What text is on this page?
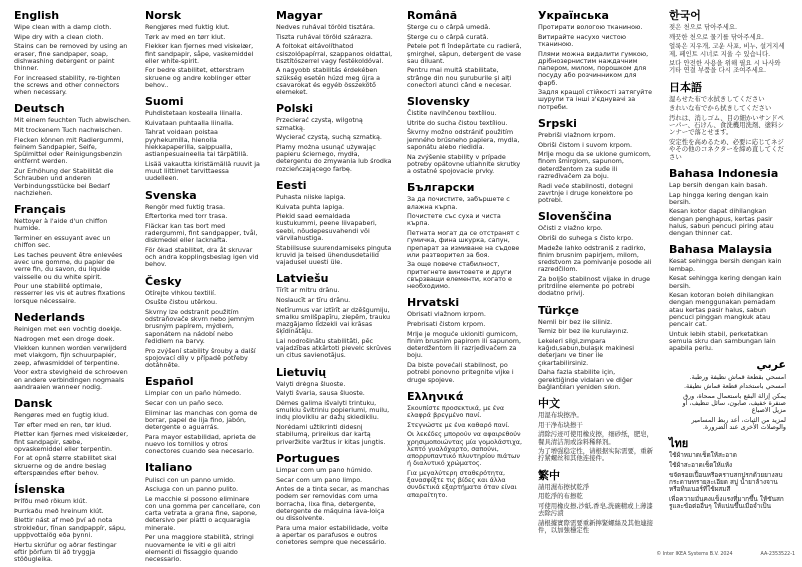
English

Wipe clean with a damp cloth.

Wipe dry with a clean cloth.

Stains can be removed by using an eraser, fine sandpaper, soap, dishwashing detergent or paint thinner.

For increased stability, re-tighten the screws and other connectors when necessary.

Deutsch

Mit einem feuchten Tuch abwischen.

Mit trockenem Tuch nachwischen.

Flecken können mit Radiergummi, feinem Sandpapier, Seife, Spülmittel oder Reinigungsbenzin entfernt werden.

Zur Erhöhung der Stabilität die Schrauben und anderen Verbindungsstücke bei Bedarf nachziehen.

Français

Nettoyer à l'aide d'un chiffon humide.

Terminer en essuyant avec un chiffon sec.

Les taches peuvent être enlevées avec une gomme, du papier de verre fin, du savon, du liquide vaisselle ou du white spirit.

Pour une stabilité optimale, resserrer les vis et autres fixations lorsque nécessaire.

Nederlands

Reinigen met een vochtig doekje.

Nadrogen met een droge doek.

Vlekken kunnen worden verwijderd met vlakgom, fijn schuurpapier, zeep, afwasmiddel of terpentine.

Voor extra stevigheid de schroeven en andere verbindingen nogmaals aandraaien wanneer nodig.

Dansk

Rengøres med en fugtig klud.

Tør efter med en ren, tør klud.

Pletter kan fjernes med viskelæder, fint sandpapir, sæbe, opvaskemiddel eller terpentin.

For at opnå større stabilitet skal skruerne og de andre beslag efterspændes efter behov.

Íslenska

Þrífðu með rökum klút.

Þurrkaðu með hreinum klút.

Blettir nást af með því að nota strokleður, fínan sandpappír, sápu, uppþvottalög eða þynni.

Hertu skrúfur og aðrar festingar eftir þörfum til að tryggja stöðugleika.

Norsk

Rengjøres med fuktig klut.

Tørk av med en tørr klut.

Flekker kan fjernes med viskelær, fint sandpapir, såpe, vaskemiddel eller white-spirit.

For bedre stabilitet, etterstram skruene og andre koblinger etter behov..

Suomi

Puhdistetaan kostealla liinalla.

Kuivataan puhtaalla liinalla.

Tahrat voidaan poistaa pyyhekumilla, hienolla hiekkapaperilla, saippualla, astianpesuaineella tai tärpätillä.

Lisää vakautta kiristämällä ruuvit ja muut liittimet tarvittaessa uudelleen.

Svenska

Rengör med fuktig trasa.

Eftertorka med torr trasa.

Fläckar kan tas bort med radergummi, fint sandpapper, tvål, diskmedel eller lacknafta.

För ökad stabilitet, dra åt skruvar och andra kopplingsbeslag igen vid behov.

Česky

Otírejte vlhkou textilií.

Osušte čistou utěrkou.

Skvrny lze odstranit použitím odstraňovače skvrn nebo jemným brusným papírem, mýdlem, saponátem na nádobí nebo ředidlem na barvy.

Pro zvýšení stability šrouby a další spojovací díly v případě potřeby dotáhněte.

Español

Limpiar con un paño húmedo.

Secar con un paño seco.

Eliminar las manchas con goma de borrar, papel de lija fino, jabón, detergente o aguarrás.

Para mayor estabilidad, aprieta de nuevo los tornillos y otros conectores cuando sea necesario.

Italiano

Pulisci con un panno umido.

Asciuga con un panno pulito.

Le macchie si possono eliminare con una gomma per cancellare, con carta vetrata a grana fine, sapone, detersivo per piatti o acquaragia minerale.

Per una maggiore stabilità, stringi nuovamente le viti e gli altri elementi di fissaggio quando necessario.

Magyar

Nedves ruhával töröld tisztára.

Tiszta ruhával töröld szárazra.

A foltokat eltávolíthatod csiszolópapírral, szappanos oldattal, tisztítószerrel vagy festékoldóval.

A nagyobb stabilitás érdekében szükség esetén húzd meg újra a csavarokat és egyéb összekötő elemeket.

Polski

Przecierać czystą, wilgotną szmatką.

Wycierać czystą, suchą szmatką.

Plamy można usunąć używając papieru ściernego, mydła, detergentu do zmywania lub środka rozcieńczającego farbę.

Eesti

Puhasta niiske lapiga.

Kuivata puhta lapiga.

Plekid saad eemaldada kustukummi, peene liivapaberi, seebi, nõudepesuvahendi või värvilahustiga.

Stabiilsuse suurendamiseks pinguta kruvid ja teised ühendusdetailid vajadusel uuesti üle.

Latviešu

Tīrīt ar mitru drānu.

Noslaucīt ar tīru drānu.

Netīrumus var iztīrīt ar dzēšgumiju, smalku smilšpapīru, ziepēm, trauku mazgājamo līdzekli vai krāsas šķīdinātāju.

Lai nodrošinātu stabilitāti, pēc vajadzības atkārtoti pievelc skrūves un citus savienotājus.

Lietuvių

Valyti drėgna šluoste.

Valyti švaria, sausa šluoste.

Dėmes galima išvalyti trintuku, smulkiu švitriniu popieriumi, muilu, indų plovikliu ar dažų skiedikliu.

Norėdami užtikrinti didesnį stabilumą, prireikus dar kartą priveržkite varžtus ir kitas jungtis.

Portugues

Limpar com um pano húmido.

Secar com um pano limpo.

Antes de a tinta secar, as manchas podem ser removidas com uma borracha, lixa fina, detergente, detergente de máquina lava-loiça ou dissolvente.

Para uma maior estabilidade, volte a apertar os parafusos e outros conetores sempre que necessário.

Română

Șterge cu o cârpă umedă.

Șterge cu o cârpă curată.

Petele pot fi îndepărtate cu radieră, șmirghel, săpun, detergent de vase sau diluant.

Pentru mai multă stabilitate, strânge din nou șuruburile și alți conectori atunci când e necesar.

Slovensky

Čistite navlhčenou textíliou.

Utrite do sucha čistou textíliou.

Škvrny možno odstrániť použitím jemného brúsneho papiera, mydla, saponátu alebo riedidla.

Na zvýšenie stability v prípade potreby opätovne utiahnite skrutky a ostatné spojovacie prvky.

Български

За да почистите, забършете с влажна кърпа.

Почистете със суха и чиста кърпа.

Петната могат да се отстранят с гумичка, фина шкурка, сапун, препарат за измиване на съдове или разтворител за боя.

За още повече стабилност, притегнете винтовете и други свързващи елементи, когато е необходимо.

Hrvatski

Obrisati vlažnom krpom.

Prebrisati čistom krpom.

Mrlje je moguće ukloniti gumicom, finim brusnim papirom ili sapunom, deterdžentom ili razrjeđivačem za boju.

Da biste povećali stabilnost, po potrebi ponovno pritegnite vijke i druge spojeve.

Ελληνικά

Σκουπίστε προσεκτικά, με ένα ελαφρά βρεγμένο πανί.

Στεγνώστε με ένα καθαρό πανί.

Οι λεκέδες μπορούν να αφαιρεθούν χρησιμοποιώντας μία γομολάστιχα, λεπτό γυαλόχαρτο, σαπούνι, απορρυπαντικό πλυντηρίου πιάτων ή διαλυτικό χρώματος.

Για μεγαλύτερη σταθερότητα, ξανασφίξτε τις βίδες και άλλα συνδετικά εξαρτήματα όταν είναι απαραίτητο.

Українська

Протирати вологою тканиною.

Витирайте насухо чистою тканиною.

Плями можна видалити гумкою, дрібнозернистим наждачним папером, милом, порошком для посуду або розчинником для фарб.

Задля кращої стійкості затягуйте шурупи та інші з'єднувачі за потреби.

Srpski

Prebriši vlažnom krpom.

Obriši čistom i suvom krpom.

Mrlje mogu da se uklone gumicom, finom šmirglom, sapunom, deterdžentom za suđe ili razređivačem za boju.

Radi veće stabilnosti, dotegni zavrtnje i druge konektore po potrebi.

Slovenščina

Očisti z vlažno krpo.

Obriši do suhega s čisto krpo.

Madeže lahko odstraniš z radirko, finim brusnim papirjem, milom, sredstvom za pomivanje posode ali razredčilom.

Za boljšo stabilnost vijake in druge pritrdilne elemente po potrebi dodatno privij.

Türkçe

Nemli bir bez ile siliniz.

Temiz bir bez ile kurulayınız.

Lekeleri silgi,zımpara kağıdı,sabun,bulaşık makinesi deterjanı ve tiner ile çıkartabilirsiniz.

Daha fazla stabilite için, gerektiğinde vidaları ve diğer bağlantıları yeniden sıkın.

中文

用湿布块擦净。

用干净布块擦干

清除污迹可使用橡皮擦，细砂纸，肥皂，餐具清洁剂或涂料稀释剂。

为了增强稳定性，请根据实际需要，重新拧紧螺丝和其他连接件。

繁中

請用濕布擦拭乾淨

用乾淨的布擦乾

可使用橡皮擦,沙紙,香皂,洗碗精或上薄漆去除污漬

請根據實際需要重新擰緊螺絲及其他連接件，以加強穩定性

한국어

젖은 천으로 닦아주세요.

깨끗한 천으로 물기를 닦아주세요.

얼룩은 지우개, 고운 사포, 비누, 설거지세제, 페인트 시너로 지울 수 있습니다.

보다 안전한 사용을 위해 필요 시 나사와 기타 연결 부품을 다시 조여주세요.

日本語

湿らせた布で水拭きしてください

きれいな布でから拭きしてください

汚れは、消しゴム、目の細かいサンドペーパー、石けん、食洗機用洗剤、塗料シンナーで落とせます。

安定性を高めるため、必要に応じてネジやその他のコネクターを締め直してください

Bahasa Indonesia

Lap bersih dengan kain basah.

Lap hingga kering dengan kain bersih.

Kesan kotor dapat dihilangkan dengan penghapus, kertas pasir halus, sabun pencuci piring atau dengan thinner cat.

Bahasa Malaysia

Kesat sehingga bersih dengan kain lembap.

Kesat sehingga kering dengan kain bersih.

Kesan kotoran boleh dihilangkan dengan menggunakan pemadam atau kertas pasir halus, sabun pencuci pinggan mangkuk atau pencair cat.

Untuk lebih stabil, perketatkan semula skru dan sambungan lain apabila perlu.

عربي

امسحي بقطعة قماش نظيفة ورطبة.

امسحي باستخدام قطعة قماش نظيفة.

يمكن إزالة البقع باستعمال ممحاة، ورق صنفرة خفيف، صابون، سائل تنظيف، أو مزيل الاصباغ

لمزيد من الثبات، أعد ربط المسامير والوصلات الأخرى عند الضرورة.

ไทย

ใช้ผ้าหมาดเช็ดให้สะอาด

ใช้ผ้าสะอาดเช็ดให้แห้ง

ขจัดรอยเปื้อนหรือคราบสกปรกด้วยยางลบ กระดาษทรายละเอียด สบู่ น้ำยาล้างจาน หรือทินเนอร์ที่ใช้ผสมสี

เพื่อความมั่นคงแข็งแรงที่มากขึ้น ให้ขันสกรูและข้อต่ออื่นๆ ให้แน่นขึ้นเมื่อจำเป็น

© Inter IKEA Systems B.V. 2024	AA-2353522-1
